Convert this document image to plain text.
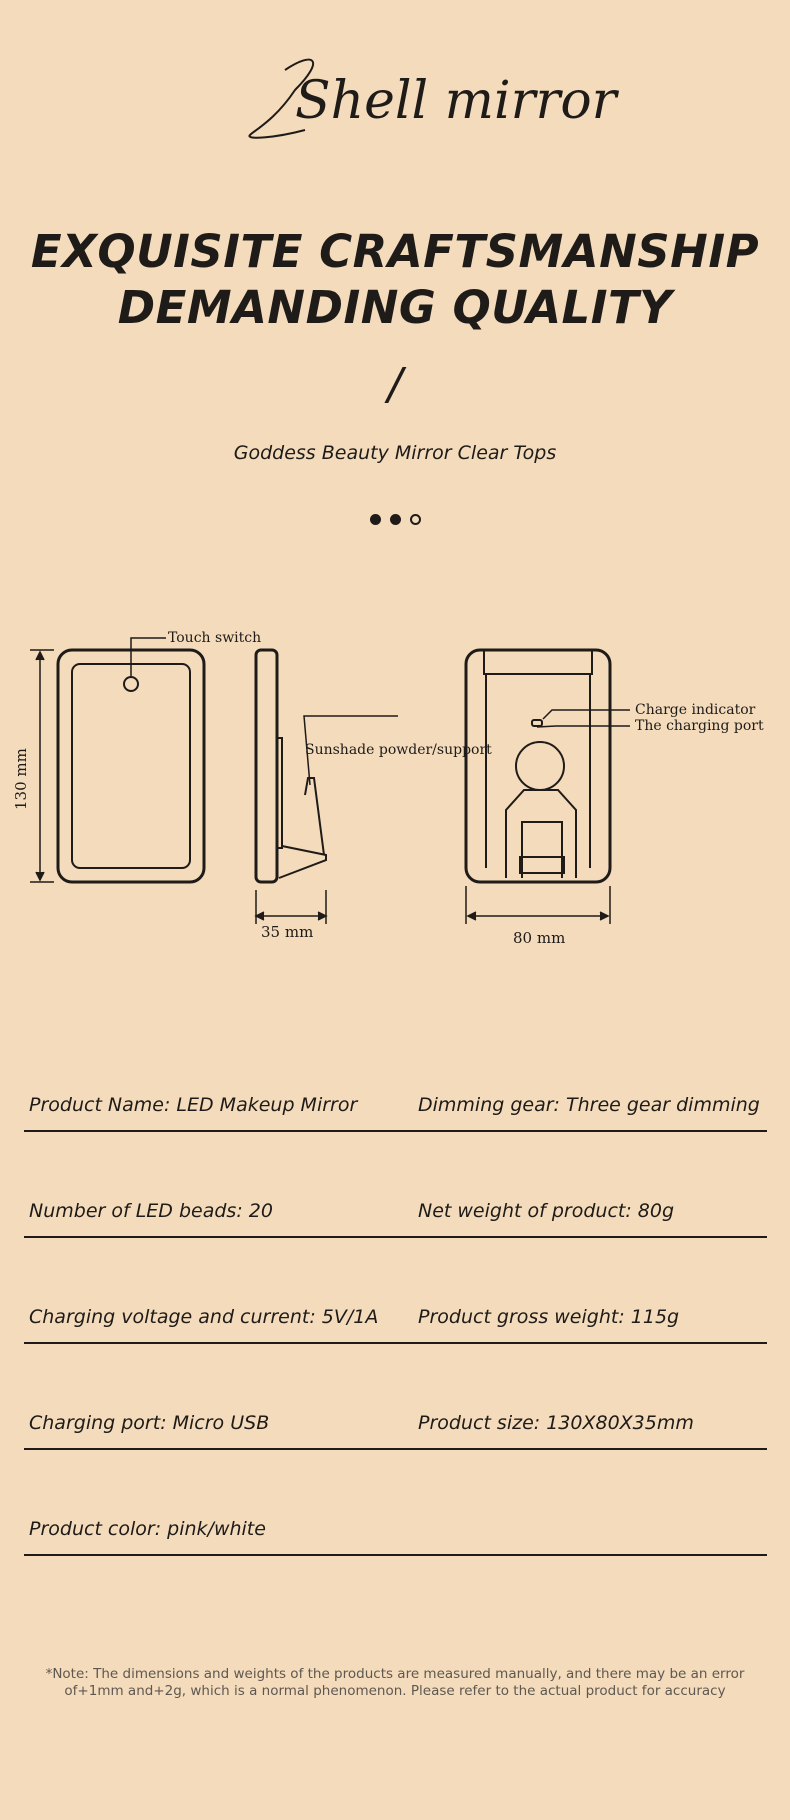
Shell mirror
EXQUISITE CRAFTSMANSHIP
DEMANDING QUALITY
/
Goddess Beauty Mirror Clear Tops
Touch switch
Sunshade powder/support
Charge indicator
The charging port
130 mm
35 mm	80 mm
Product Name: LED Makeup Mirror	Dimming gear: Three gear dimming
Number of LED beads: 20	Net weight of product: 80g
Charging voltage and current: 5V/1A Product gross weight: 115g
Charging port: Micro USB	Product size: 130X80X35mm
Product color: pink/white
*Note: The dimensions and weights of the products are measured manually, and there may be an error of+1mm and+2g, which is a normal phenomenon. Please refer to the actual product for accuracy
